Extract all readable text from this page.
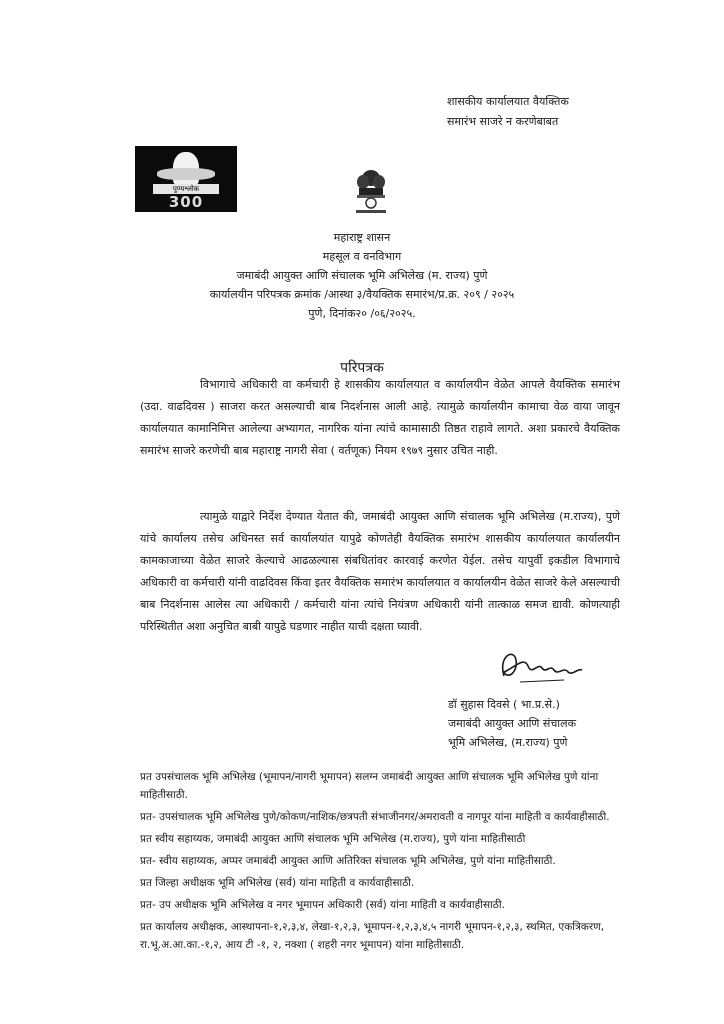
शासकीय कार्यालयात वैयक्तिक
समारंभ साजरे न करणेबाबत
पुण्यश्लोक
300
महाराष्ट्र शासन
महसूल व वनविभाग
जमाबंदी आयुक्त आणि संचालक भूमि अभिलेख (म. राज्य) पुणे
कार्यालयीन परिपत्रक क्रमांक /आस्था ३/वैयक्तिक समारंभ/प्र.क्र. २०९ / २०२५
पुणे, दिनांक२० /०६/२०२५.
परिपत्रक
विभागाचे अधिकारी वा कर्मचारी हे शासकीय कार्यालयात व कार्यालयीन वेळेत आपले वैयक्तिक समारंभ (उदा. वाढदिवस ) साजरा करत असल्याची बाब निदर्शनास आली आहे. त्यामुळे कार्यालयीन कामाचा वेळ वाया जावून कार्यालयात कामानिमित्त आलेल्या अभ्यागत, नागरिक यांना त्यांचे कामासाठी तिष्ठत राहावे लागते. अशा प्रकारचे वैयक्तिक समारंभ साजरे करणेची बाब महाराष्ट्र नागरी सेवा ( वर्तणूक) नियम १९७९ नुसार उचित नाही.
त्यामुळे याद्वारे निर्देश देण्यात येतात की, जमाबंदी आयुक्त आणि संचालक भूमि अभिलेख (म.राज्य), पुणे यांचे कार्यालय तसेच अधिनस्त सर्व कार्यालयांत यापुढे कोणतेही वैयक्तिक समारंभ शासकीय कार्यालयात कार्यालयीन कामकाजाच्या वेळेत साजरे केल्याचे आढळल्यास संबधितांवर कारवाई करणेत येईल. तसेच यापुर्वी इकडील विभागाचे अधिकारी वा कर्मचारी यांनी वाढदिवस किंवा इतर वैयक्तिक समारंभ कार्यालयात व कार्यालयीन वेळेत साजरे केले असल्याची बाब निदर्शनास आलेस त्या अधिकारी / कर्मचारी यांना त्यांचे नियंत्रण अधिकारी यांनी तात्काळ समज द्यावी. कोणत्याही परिस्थितीत अशा अनुचित बाबी यापुढे घडणार नाहीत याची दक्षता घ्यावी.
डॉ सुहास दिवसे ( भा.प्र.से.)
जमाबंदी आयुक्त आणि संचालक
भूमि अभिलेख, (म.राज्य) पुणे
प्रत उपसंचालक भूमि अभिलेख (भूमापन/नागरी भूमापन) सलग्न जमाबंदी आयुक्त आणि संचालक भूमि अभिलेख पुणे यांना माहितीसाठी.
प्रत- उपसंचालक भूमि अभिलेख पुणे/कोकण/नाशिक/छत्रपती संभाजीनगर/अमरावती व नागपूर यांना माहिती व कार्यवाहीसाठी.
प्रत स्वीय सहाय्यक, जमाबंदी आयुक्त आणि संचालक भूमि अभिलेख (म.राज्य), पुणे यांना माहितीसाठी
प्रत- स्वीय सहाय्यक, अप्पर जमाबंदी आयुक्त आणि अतिरिक्त संचालक भूमि अभिलेख, पुणे यांना माहितीसाठी.
प्रत जिल्हा अधीक्षक भूमि अभिलेख (सर्व) यांना माहिती व कार्यवाहीसाठी.
प्रत- उप अधीक्षक भूमि अभिलेख व नगर भूमापन अधिकारी (सर्व) यांना माहिती व कार्यवाहीसाठी.
प्रत कार्यालय अधीक्षक, आस्थापना-१,२,३,४, लेखा-१,२,३, भूमापन-१,२,३,४,५ नागरी भूमापन-१,२,३, स्थमित, एकत्रिकरण, रा.भू.अ.आ.का.-१,२, आय टी -१, २, नक्शा ( शहरी नगर भूमापन) यांना माहितीसाठी.
